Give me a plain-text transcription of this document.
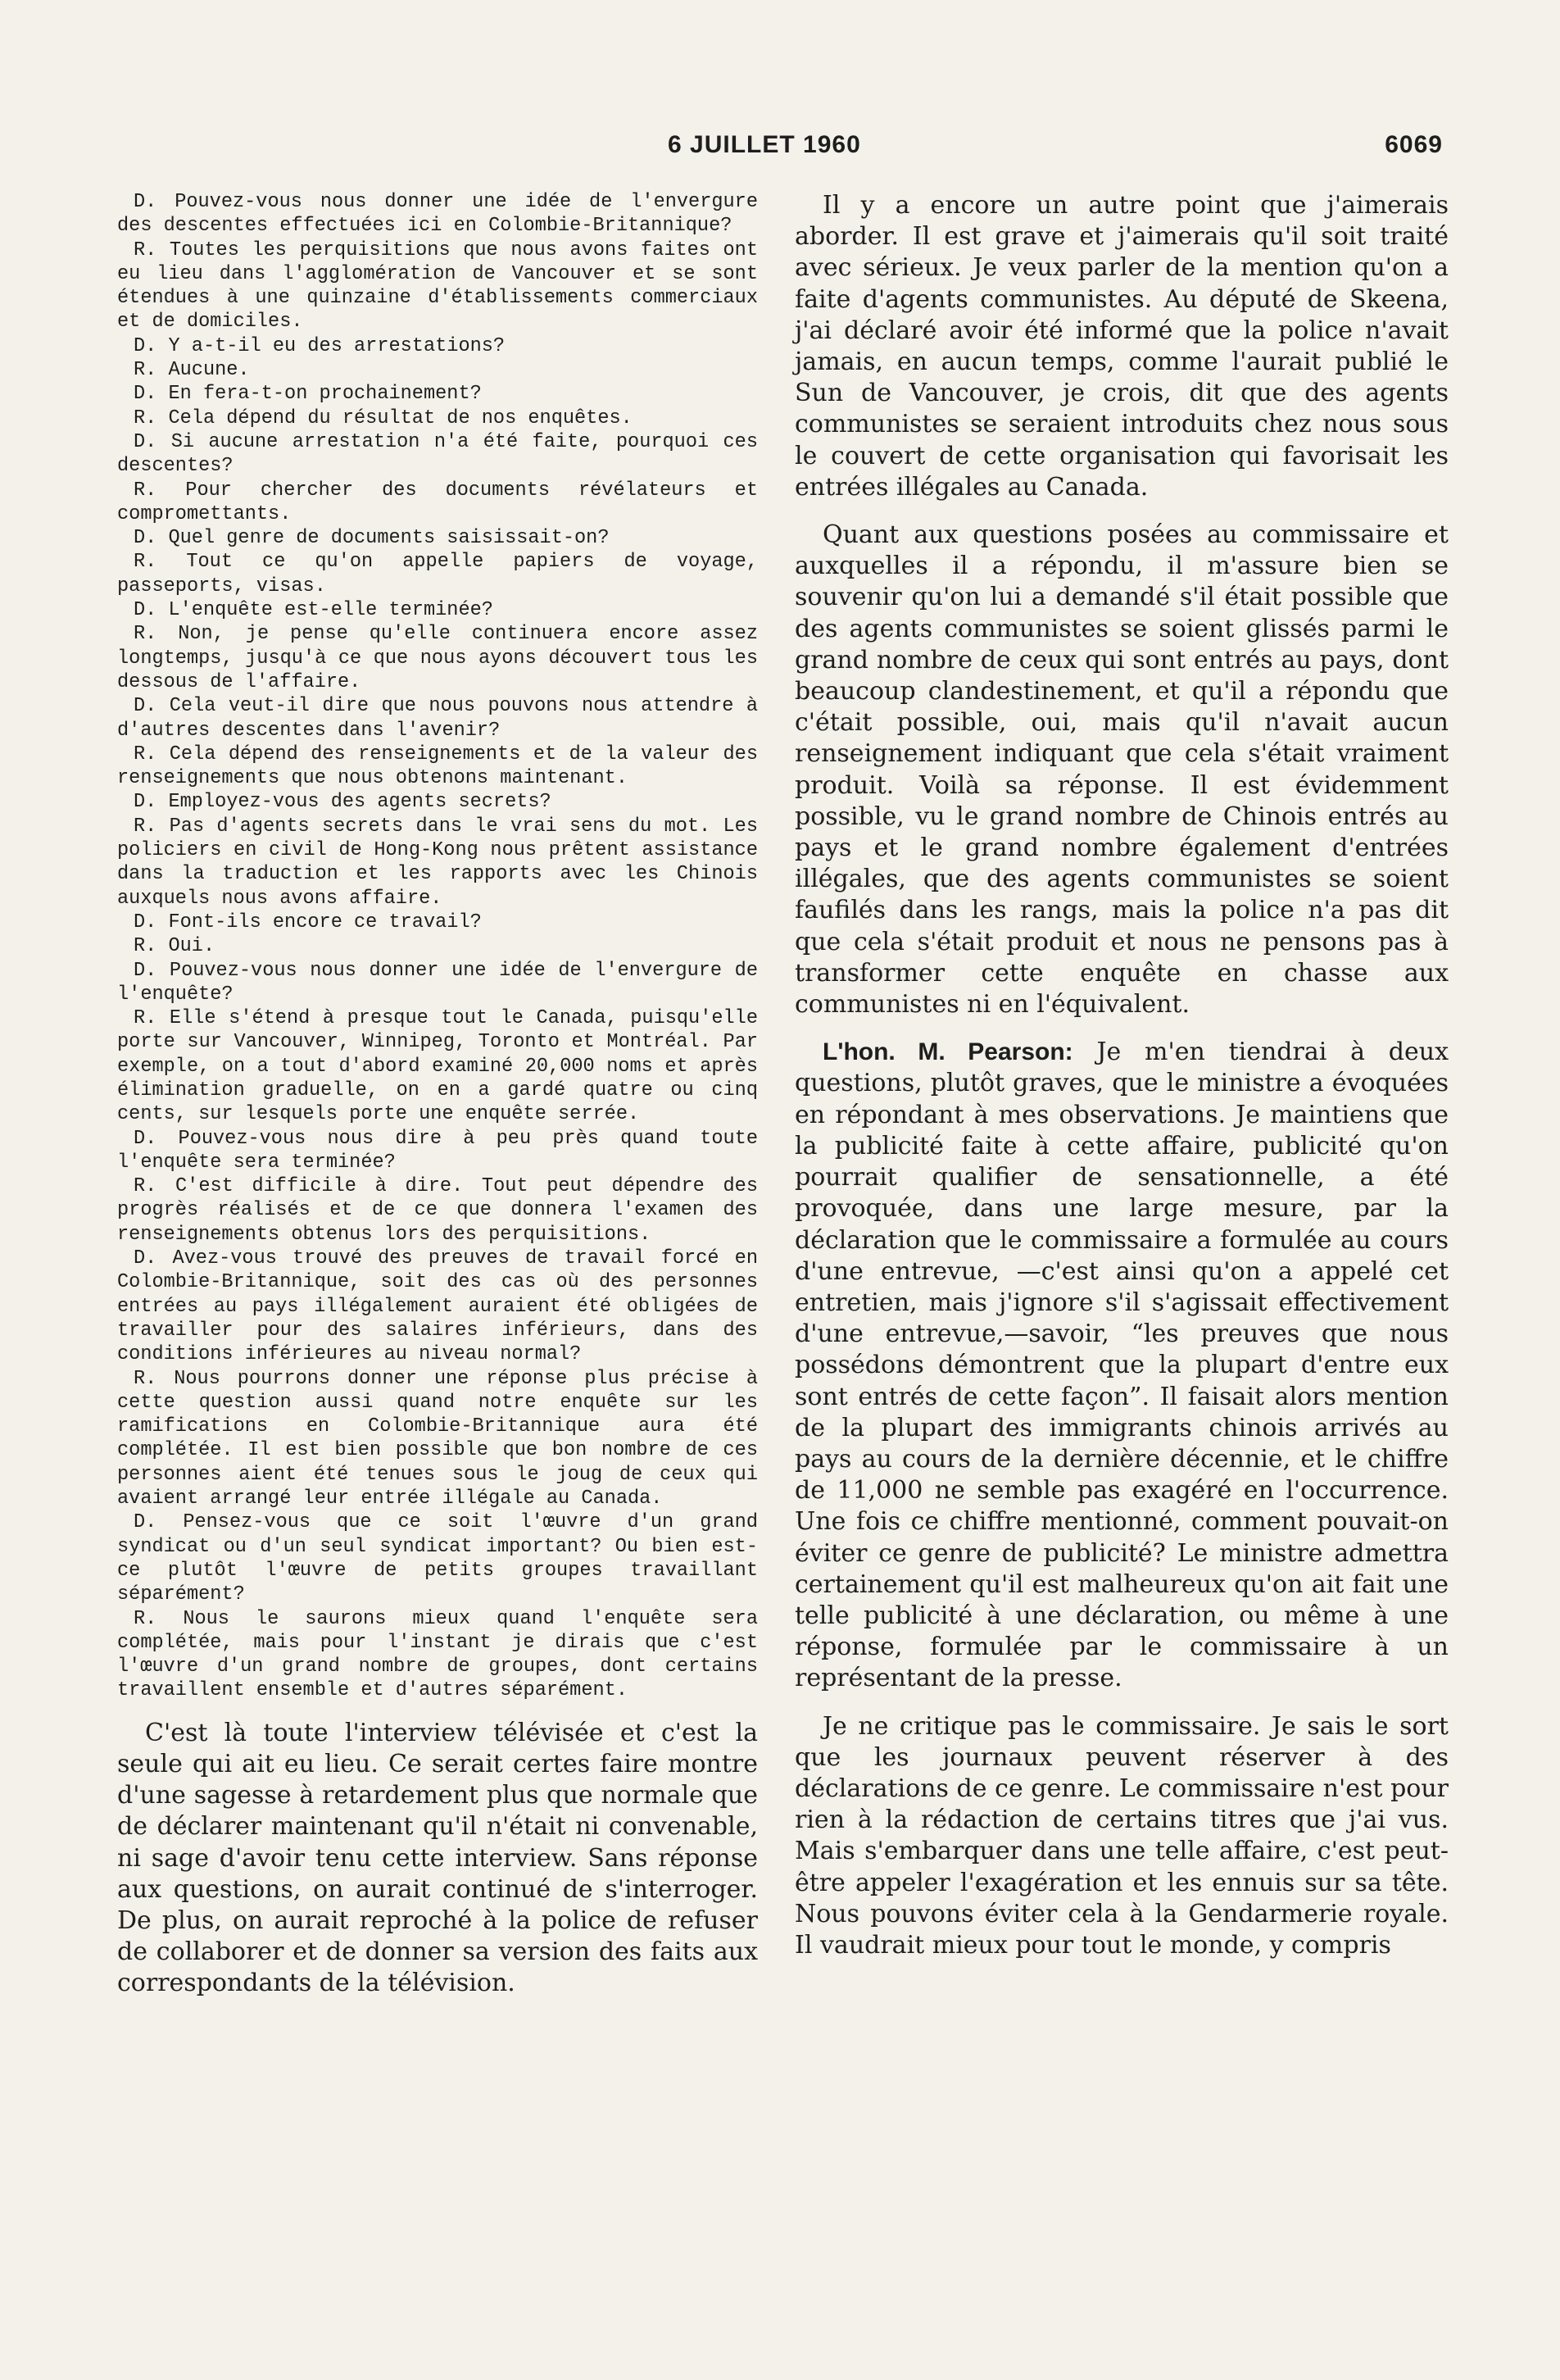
6 JUILLET 1960	6069

D. Pouvez-vous nous donner une idée de l'envergure des descentes effectuées ici en Colombie-Britannique?

R. Toutes les perquisitions que nous avons faites ont eu lieu dans l'agglomération de Vancouver et se sont étendues à une quinzaine d'établissements commerciaux et de domiciles.

D. Y a-t-il eu des arrestations?

R. Aucune.

D. En fera-t-on prochainement?

R. Cela dépend du résultat de nos enquêtes.

D. Si aucune arrestation n'a été faite, pourquoi ces descentes?

R. Pour chercher des documents révélateurs et compromettants.

D. Quel genre de documents saisissait-on?

R. Tout ce qu'on appelle papiers de voyage, passeports, visas.

D. L'enquête est-elle terminée?

R. Non, je pense qu'elle continuera encore assez longtemps, jusqu'à ce que nous ayons découvert tous les dessous de l'affaire.

D. Cela veut-il dire que nous pouvons nous attendre à d'autres descentes dans l'avenir?

R. Cela dépend des renseignements et de la valeur des renseignements que nous obtenons maintenant.

D. Employez-vous des agents secrets?

R. Pas d'agents secrets dans le vrai sens du mot. Les policiers en civil de Hong-Kong nous prêtent assistance dans la traduction et les rapports avec les Chinois auxquels nous avons affaire.

D. Font-ils encore ce travail?

R. Oui.

D. Pouvez-vous nous donner une idée de l'envergure de l'enquête?

R. Elle s'étend à presque tout le Canada, puisqu'elle porte sur Vancouver, Winnipeg, Toronto et Montréal. Par exemple, on a tout d'abord examiné 20,000 noms et après élimination graduelle, on en a gardé quatre ou cinq cents, sur lesquels porte une enquête serrée.

D. Pouvez-vous nous dire à peu près quand toute l'enquête sera terminée?

R. C'est difficile à dire. Tout peut dépendre des progrès réalisés et de ce que donnera l'examen des renseignements obtenus lors des perquisitions.

D. Avez-vous trouvé des preuves de travail forcé en Colombie-Britannique, soit des cas où des personnes entrées au pays illégalement auraient été obligées de travailler pour des salaires inférieurs, dans des conditions inférieures au niveau normal?

R. Nous pourrons donner une réponse plus précise à cette question aussi quand notre enquête sur les ramifications en Colombie-Britannique aura été complétée. Il est bien possible que bon nombre de ces personnes aient été tenues sous le joug de ceux qui avaient arrangé leur entrée illégale au Canada.

D. Pensez-vous que ce soit l'œuvre d'un grand syndicat ou d'un seul syndicat important? Ou bien est-ce plutôt l'œuvre de petits groupes travaillant séparément?

R. Nous le saurons mieux quand l'enquête sera complétée, mais pour l'instant je dirais que c'est l'œuvre d'un grand nombre de groupes, dont certains travaillent ensemble et d'autres séparément.

C'est là toute l'interview télévisée et c'est la seule qui ait eu lieu. Ce serait certes faire montre d'une sagesse à retardement plus que normale que de déclarer maintenant qu'il n'était ni convenable, ni sage d'avoir tenu cette interview. Sans réponse aux questions, on aurait continué de s'interroger. De plus, on aurait reproché à la police de refuser de collaborer et de donner sa version des faits aux correspondants de la télévision.

Il y a encore un autre point que j'aimerais aborder. Il est grave et j'aimerais qu'il soit traité avec sérieux. Je veux parler de la mention qu'on a faite d'agents communistes. Au député de Skeena, j'ai déclaré avoir été informé que la police n'avait jamais, en aucun temps, comme l'aurait publié le Sun de Vancouver, je crois, dit que des agents communistes se seraient introduits chez nous sous le couvert de cette organisation qui favorisait les entrées illégales au Canada.

Quant aux questions posées au commissaire et auxquelles il a répondu, il m'assure bien se souvenir qu'on lui a demandé s'il était possible que des agents communistes se soient glissés parmi le grand nombre de ceux qui sont entrés au pays, dont beaucoup clandestinement, et qu'il a répondu que c'était possible, oui, mais qu'il n'avait aucun renseignement indiquant que cela s'était vraiment produit. Voilà sa réponse. Il est évidemment possible, vu le grand nombre de Chinois entrés au pays et le grand nombre également d'entrées illégales, que des agents communistes se soient faufilés dans les rangs, mais la police n'a pas dit que cela s'était produit et nous ne pensons pas à transformer cette enquête en chasse aux communistes ni en l'équivalent.

L'hon. M. Pearson: Je m'en tiendrai à deux questions, plutôt graves, que le ministre a évoquées en répondant à mes observations. Je maintiens que la publicité faite à cette affaire, publicité qu'on pourrait qualifier de sensationnelle, a été provoquée, dans une large mesure, par la déclaration que le commissaire a formulée au cours d'une entrevue, —c'est ainsi qu'on a appelé cet entretien, mais j'ignore s'il s'agissait effectivement d'une entrevue,—savoir, “les preuves que nous possédons démontrent que la plupart d'entre eux sont entrés de cette façon”. Il faisait alors mention de la plupart des immigrants chinois arrivés au pays au cours de la dernière décennie, et le chiffre de 11,000 ne semble pas exagéré en l'occurrence. Une fois ce chiffre mentionné, comment pouvait-on éviter ce genre de publicité? Le ministre admettra certainement qu'il est malheureux qu'on ait fait une telle publicité à une déclaration, ou même à une réponse, formulée par le commissaire à un représentant de la presse.

Je ne critique pas le commissaire. Je sais le sort que les journaux peuvent réserver à des déclarations de ce genre. Le commissaire n'est pour rien à la rédaction de certains titres que j'ai vus. Mais s'embarquer dans une telle affaire, c'est peut-être appeler l'exagération et les ennuis sur sa tête. Nous pouvons éviter cela à la Gendarmerie royale. Il vaudrait mieux pour tout le monde, y compris
